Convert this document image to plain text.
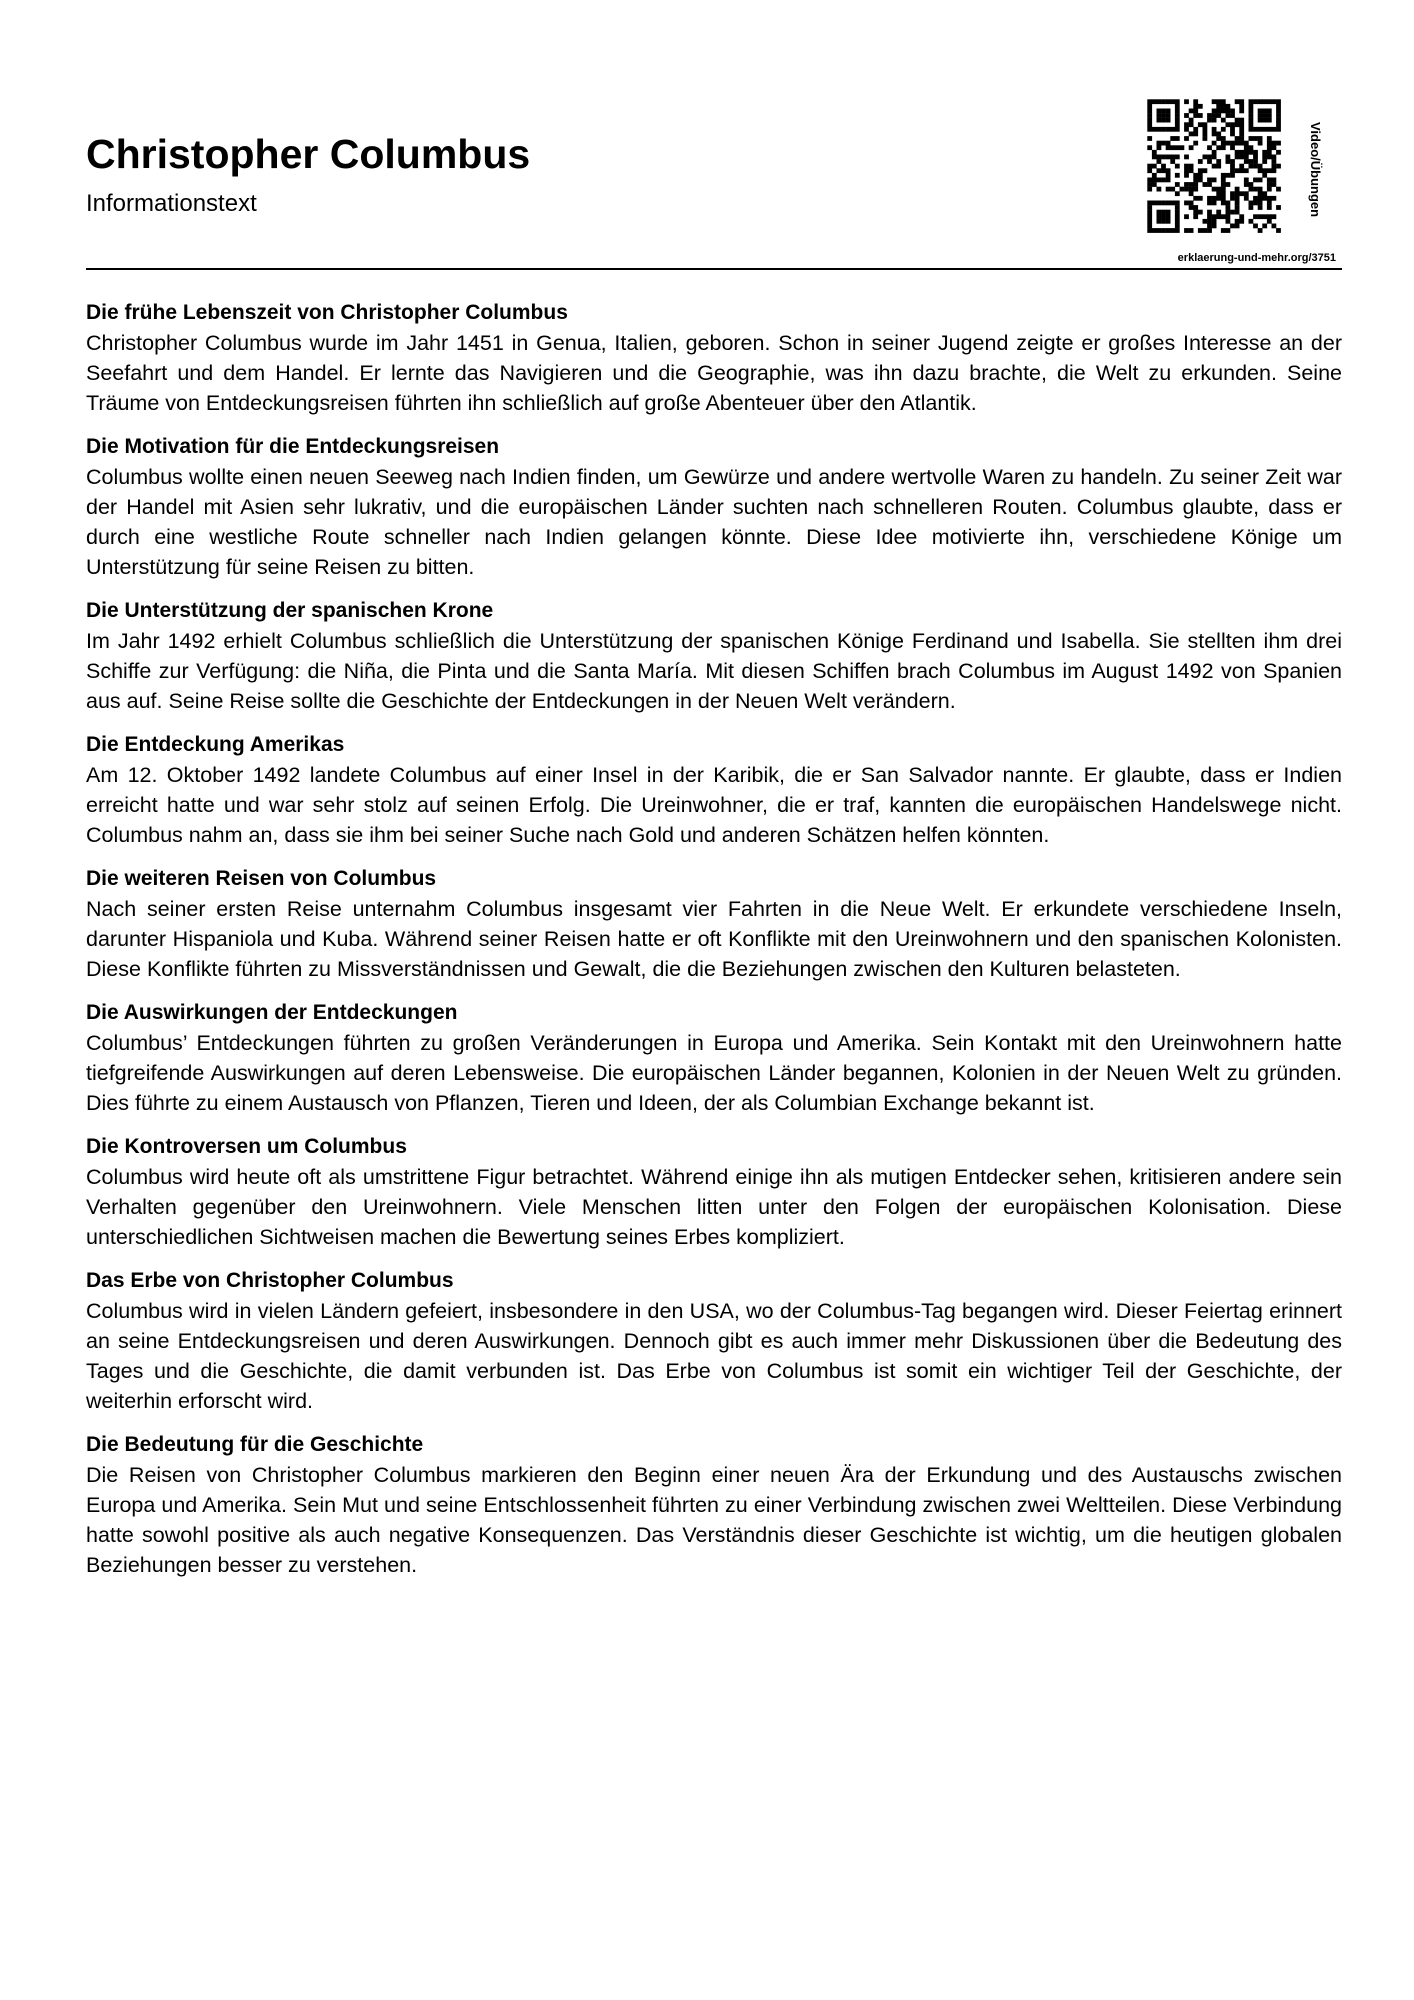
Christopher Columbus

Informationstext	Video/Übungen
erklaerung-und-mehr.org/3751
Die frühe Lebenszeit von Christopher Columbus

Christopher Columbus wurde im Jahr 1451 in Genua, Italien, geboren. Schon in seiner Jugend zeigte er großes Interesse an der Seefahrt und dem Handel. Er lernte das Navigieren und die Geographie, was ihn dazu brachte, die Welt zu erkunden. Seine Träume von Entdeckungsreisen führten ihn schließlich auf große Abenteuer über den Atlantik.

Die Motivation für die Entdeckungsreisen

Columbus wollte einen neuen Seeweg nach Indien finden, um Gewürze und andere wertvolle Waren zu handeln. Zu seiner Zeit war der Handel mit Asien sehr lukrativ, und die europäischen Länder suchten nach schnelleren Routen. Columbus glaubte, dass er durch eine westliche Route schneller nach Indien gelangen könnte. Diese Idee motivierte ihn, verschiedene Könige um Unterstützung für seine Reisen zu bitten.

Die Unterstützung der spanischen Krone

Im Jahr 1492 erhielt Columbus schließlich die Unterstützung der spanischen Könige Ferdinand und Isabella. Sie stellten ihm drei Schiffe zur Verfügung: die Niña, die Pinta und die Santa María. Mit diesen Schiffen brach Columbus im August 1492 von Spanien aus auf. Seine Reise sollte die Geschichte der Entdeckungen in der Neuen Welt verändern.

Die Entdeckung Amerikas

Am 12. Oktober 1492 landete Columbus auf einer Insel in der Karibik, die er San Salvador nannte. Er glaubte, dass er Indien erreicht hatte und war sehr stolz auf seinen Erfolg. Die Ureinwohner, die er traf, kannten die europäischen Handelswege nicht. Columbus nahm an, dass sie ihm bei seiner Suche nach Gold und anderen Schätzen helfen könnten.

Die weiteren Reisen von Columbus

Nach seiner ersten Reise unternahm Columbus insgesamt vier Fahrten in die Neue Welt. Er erkundete verschiedene Inseln, darunter Hispaniola und Kuba. Während seiner Reisen hatte er oft Konflikte mit den Ureinwohnern und den spanischen Kolonisten. Diese Konflikte führten zu Missverständnissen und Gewalt, die die Beziehungen zwischen den Kulturen belasteten.

Die Auswirkungen der Entdeckungen

Columbus’ Entdeckungen führten zu großen Veränderungen in Europa und Amerika. Sein Kontakt mit den Ureinwohnern hatte tiefgreifende Auswirkungen auf deren Lebensweise. Die europäischen Länder begannen, Kolonien in der Neuen Welt zu gründen. Dies führte zu einem Austausch von Pflanzen, Tieren und Ideen, der als Columbian Exchange bekannt ist.

Die Kontroversen um Columbus

Columbus wird heute oft als umstrittene Figur betrachtet. Während einige ihn als mutigen Entdecker sehen, kritisieren andere sein Verhalten gegenüber den Ureinwohnern. Viele Menschen litten unter den Folgen der europäischen Kolonisation. Diese unterschiedlichen Sichtweisen machen die Bewertung seines Erbes kompliziert.

Das Erbe von Christopher Columbus

Columbus wird in vielen Ländern gefeiert, insbesondere in den USA, wo der Columbus-Tag begangen wird. Dieser Feiertag erinnert an seine Entdeckungsreisen und deren Auswirkungen. Dennoch gibt es auch immer mehr Diskussionen über die Bedeutung des Tages und die Geschichte, die damit verbunden ist. Das Erbe von Columbus ist somit ein wichtiger Teil der Geschichte, der weiterhin erforscht wird.

Die Bedeutung für die Geschichte

Die Reisen von Christopher Columbus markieren den Beginn einer neuen Ära der Erkundung und des Austauschs zwischen Europa und Amerika. Sein Mut und seine Entschlossenheit führten zu einer Verbindung zwischen zwei Weltteilen. Diese Verbindung hatte sowohl positive als auch negative Konsequenzen. Das Verständnis dieser Geschichte ist wichtig, um die heutigen globalen Beziehungen besser zu verstehen.
